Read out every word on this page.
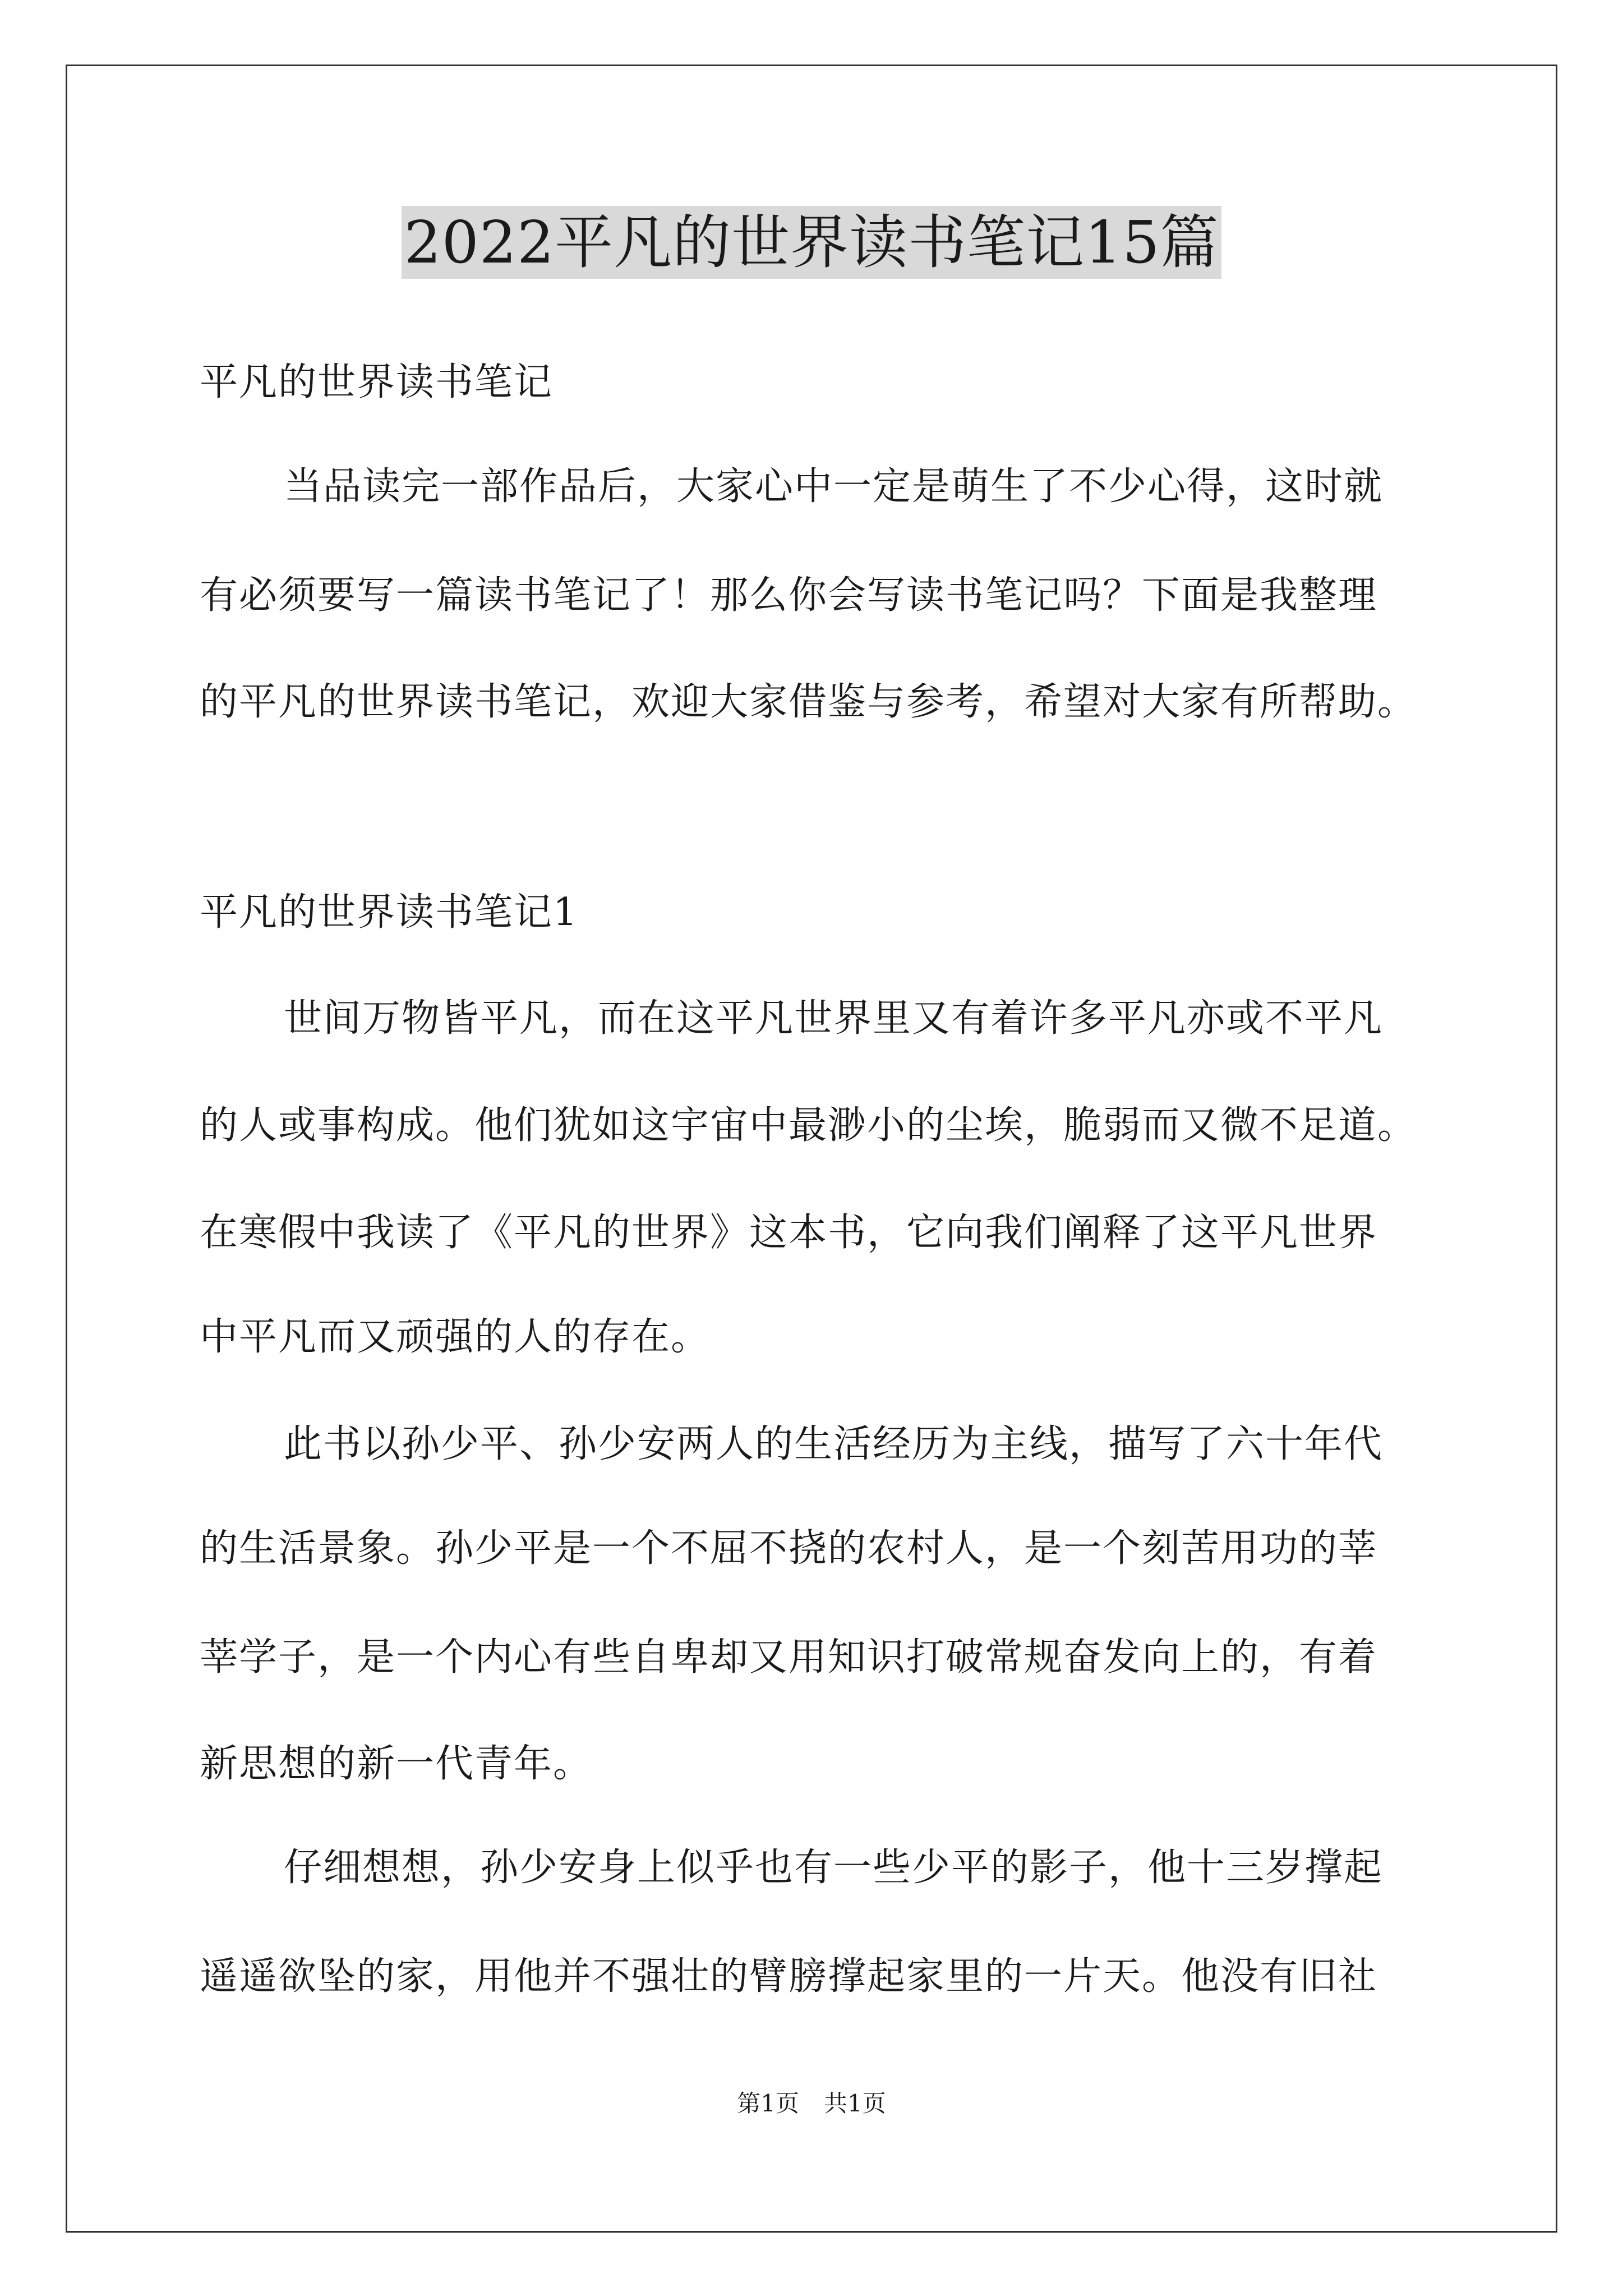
2022平凡的世界读书笔记15篇
平凡的世界读书笔记
当品读完一部作品后，大家心中一定是萌生了不少心得，这时就
有必须要写一篇读书笔记了！那么你会写读书笔记吗？下面是我整理
的平凡的世界读书笔记，欢迎大家借鉴与参考，希望对大家有所帮助。
平凡的世界读书笔记1
世间万物皆平凡，而在这平凡世界里又有着许多平凡亦或不平凡
的人或事构成。他们犹如这宇宙中最渺小的尘埃，脆弱而又微不足道。
在寒假中我读了《平凡的世界》这本书，它向我们阐释了这平凡世界
中平凡而又顽强的人的存在。
此书以孙少平、孙少安两人的生活经历为主线，描写了六十年代
的生活景象。孙少平是一个不屈不挠的农村人，是一个刻苦用功的莘
莘学子，是一个内心有些自卑却又用知识打破常规奋发向上的，有着
新思想的新一代青年。
仔细想想，孙少安身上似乎也有一些少平的影子，他十三岁撑起
遥遥欲坠的家，用他并不强壮的臂膀撑起家里的一片天。他没有旧社
第1页 共1页
